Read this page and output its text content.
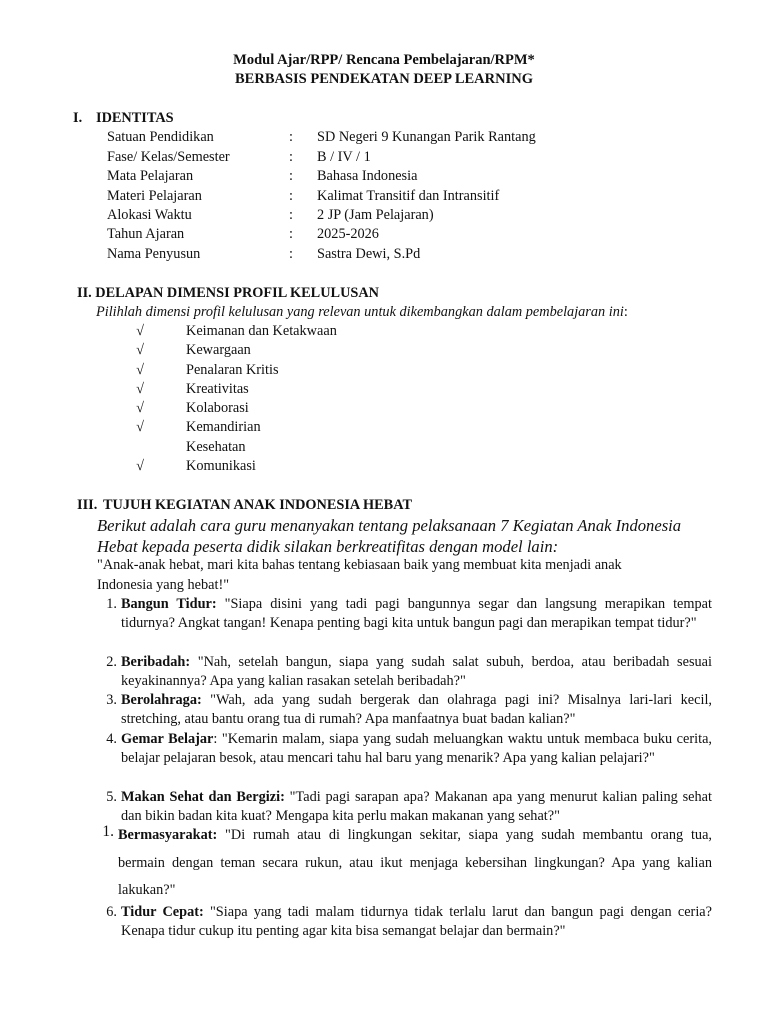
Modul Ajar/RPP/ Rencana Pembelajaran/RPM*
BERBASIS PENDEKATAN DEEP LEARNING
I. IDENTITAS
Satuan Pendidikan	: SD Negeri 9 Kunangan Parik Rantang
Fase/ Kelas/Semester	: B / IV / 1
Mata Pelajaran	: Bahasa Indonesia
Materi Pelajaran	: Kalimat Transitif dan Intransitif
Alokasi Waktu	: 2 JP (Jam Pelajaran)
Tahun Ajaran	: 2025-2026
Nama Penyusun	: Sastra Dewi, S.Pd
II. DELAPAN DIMENSI PROFIL KELULUSAN
Pilihlah dimensi profil kelulusan yang relevan untuk dikembangkan dalam pembelajaran ini:
√	Keimanan dan Ketakwaan
√	Kewargaan
√	Penalaran Kritis
√	Kreativitas
√	Kolaborasi
√	Kemandirian
Kesehatan
√	Komunikasi
III. TUJUH KEGIATAN ANAK INDONESIA HEBAT
Berikut adalah cara guru menanyakan tentang pelaksanaan 7 Kegiatan Anak Indonesia
Hebat kepada peserta didik silakan berkreatifitas dengan model lain:
"Anak-anak hebat, mari kita bahas tentang kebiasaan baik yang membuat kita menjadi anak
Indonesia yang hebat!"
1. Bangun Tidur: "Siapa disini yang tadi pagi bangunnya segar dan langsung merapikan tempat tidurnya? Angkat tangan! Kenapa penting bagi kita untuk bangun pagi dan merapikan tempat tidur?"
2. Beribadah: "Nah, setelah bangun, siapa yang sudah salat subuh, berdoa, atau beribadah sesuai keyakinannya? Apa yang kalian rasakan setelah beribadah?"
3. Berolahraga: "Wah, ada yang sudah bergerak dan olahraga pagi ini? Misalnya lari-lari kecil, stretching, atau bantu orang tua di rumah? Apa manfaatnya buat badan kalian?"
4. Gemar Belajar: "Kemarin malam, siapa yang sudah meluangkan waktu untuk membaca buku cerita, belajar pelajaran besok, atau mencari tahu hal baru yang menarik? Apa yang kalian pelajari?"
5. Makan Sehat dan Bergizi: "Tadi pagi sarapan apa? Makanan apa yang menurut kalian paling sehat dan bikin badan kita kuat? Mengapa kita perlu makan makanan yang sehat?"
1. Bermasyarakat: "Di rumah atau di lingkungan sekitar, siapa yang sudah membantu orang tua, bermain dengan teman secara rukun, atau ikut menjaga kebersihan lingkungan? Apa yang kalian lakukan?"
6. Tidur Cepat: "Siapa yang tadi malam tidurnya tidak terlalu larut dan bangun pagi dengan ceria? Kenapa tidur cukup itu penting agar kita bisa semangat belajar dan bermain?"
